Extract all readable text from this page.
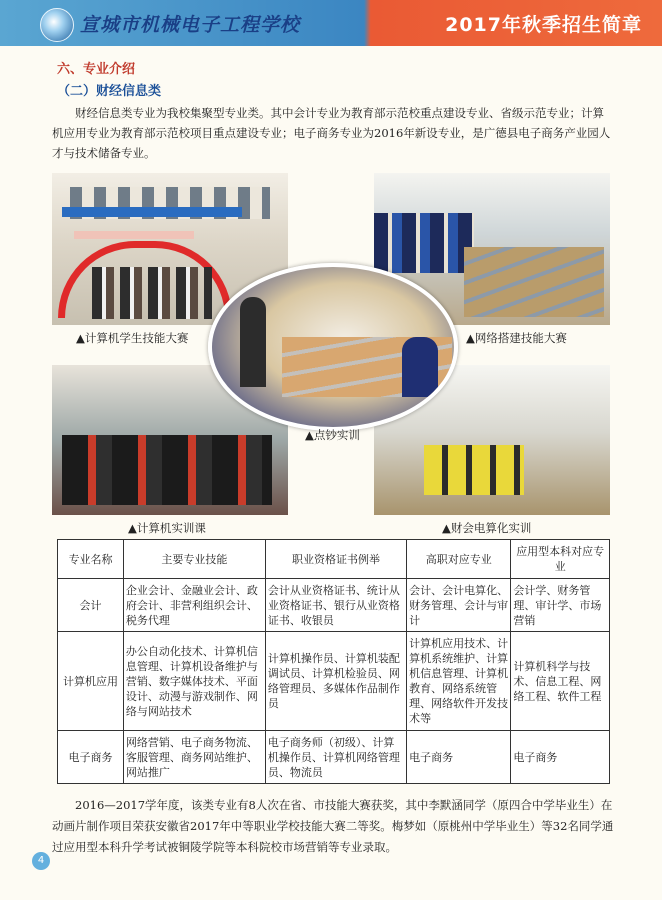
宣城市机械电子工程学校	2017年秋季招生简章
六、专业介绍
（二）财经信息类

财经信息类专业为我校集聚型专业类。其中会计专业为教育部示范校重点建设专业、省级示范专业；计算机应用专业为教育部示范校项目重点建设专业；电子商务专业为2016年新设专业，是广德县电子商务产业园人才与技术储备专业。

▲计算机学生技能大赛	▲网络搭建技能大赛
▲点钞实训
▲计算机实训课	▲财会电算化实训
专业名称	主要专业技能	职业资格证书例举	高职对应专业	应用型本科对应专业
会计	企业会计、金融业会计、政府会计、非营利组织会计、税务代理	会计从业资格证书、统计从业资格证书、银行从业资格证书、收银员	会计、会计电算化、财务管理、会计与审计	会计学、财务管理、审计学、市场营销
计算机应用	办公自动化技术、计算机信息管理、计算机设备维护与营销、数字媒体技术、平面设计、动漫与游戏制作、网络与网站技术	计算机操作员、计算机装配调试员、计算机检验员、网络管理员、多媒体作品制作员	计算机应用技术、计算机系统维护、计算机信息管理、计算机教育、网络系统管理、网络软件开发技术等	计算机科学与技术、信息工程、网络工程、软件工程
电子商务	网络营销、电子商务物流、客服管理、商务网站维护、网站推广	电子商务师（初级）、计算机操作员、计算机网络管理员、物流员	电子商务	电子商务

2016—2017学年度，该类专业有8人次在省、市技能大赛获奖，其中李默涵同学（原四合中学毕业生）在动画片制作项目荣获安徽省2017年中等职业学校技能大赛二等奖。梅梦如（原桃州中学毕业生）等32名同学通过应用型本科升学考试被铜陵学院等本科院校市场营销等专业录取。

4
